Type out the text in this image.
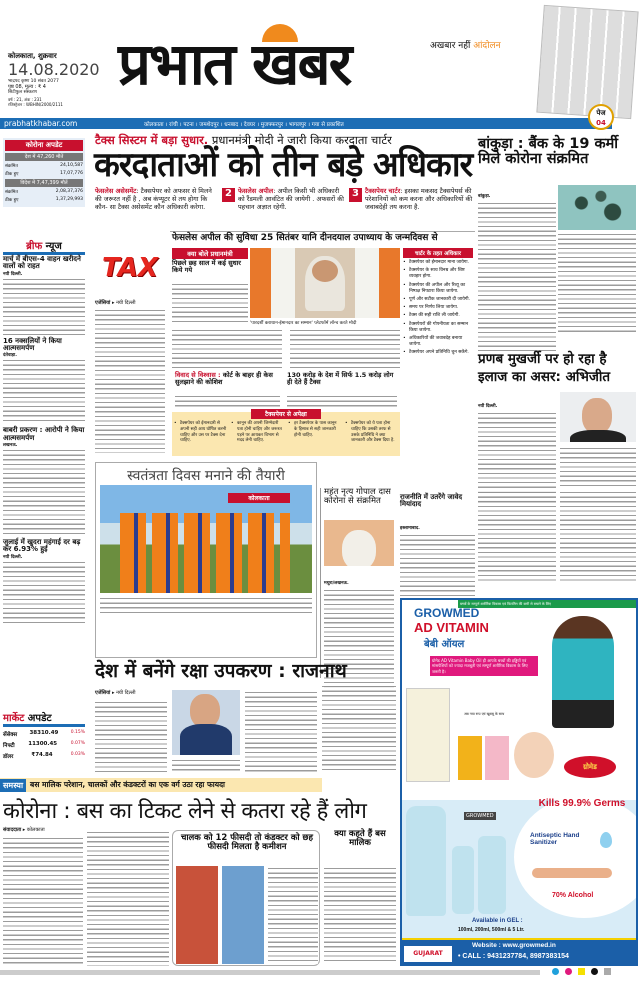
कोलकाता, शुक्रवार
14.08.2020
भाद्रपद कृष्ण 10 संवत 2077
पृष्ठ 08, मूल्य : ₹ 4
सिटीफुल संस्करण
वर्ष : 21, अंक : 231
रजिस्ट्रेशन : WBHIN/2000/2111
प्रभात खबर	अखबार नहीं आंदोलन
prabhatkhabar.com	कोलकाता । रांची । पटना । जमशेदपुर । धनबाद । देवघर । मुजफ्फरपुर । भागलपुर । गया से प्रकाशित
पेज
04
कोरोना अपडेट
देश में 47,260 मौतें
संक्रमित	24,10,587
ठीक हुए	17,07,776
विदेश में 7,47,399 मौतें
संक्रमित	2,08,37,376
ठीक हुए	1,37,29,993
ब्रीफ न्यूज
मार्च में बीएस-4 वाहन खरीदने वालों को राहत
नयी दिल्ली.
16 नक्सलियों ने किया आत्मसमर्पण
दंतेवाड़ा.
बाबरी प्रकरण : आरोपी ने किया आत्मसमर्पण
लखनऊ.
जुलाई में खुदरा महंगाई दर बढ़ कर 6.93% हुई
नयी दिल्ली.
मार्केट अपडेट
सेंसेक्स 38310.49	0.15%
निफ्टी 11300.45	0.07%
डॉलर	₹74.84	0.03%
टैक्स सिस्टम में बड़ा सुधार. प्रधानमंत्री मोदी ने जारी किया करदाता चार्टर
करदाताओं को तीन बड़े अधिकार
फेसलेस असेसमेंट: टैक्सपेयर को अफसर से मिलने की जरूरत नहीं है , अब कंप्यूटर से तय होगा कि कौन- सा टैक्स असेसमेंट कौन अधिकारी करेगा.
2 फेसलेस अपील: अपील किसी भी अधिकारी को रैंडमली आवंटित की जायेगी . अफसरों की पहचान अज्ञात रहेगी.
3 टैक्सपेयर चार्टर: इसका मकसद टैक्सपेयर्स की परेशानियों को कम करना और अधिकारियों की जवाबदेही तय करना है.
TAX
एजेंसियां ▸ नयी दिल्ली
फेसलेस अपील की सुविधा 25 सितंबर यानि दीनदयाल उपाध्याय के जन्मदिवस से
क्या बोले प्रधानमंत्री
पिछले छह साल में कई सुधार किये गये
'पारदर्शी कराधान-ईमानदार का सम्मान' प्लेटफॉर्म लॉन्च करते मोदी
चार्टर के तहत अधिकार
• टैक्सपेयर को ईमानदार माना जायेगा.
• टैक्सपेयर के साथ विनम्र और शिष्ट व्यवहार होगा.
• टैक्सपेयर की अपील और रिव्यू का निष्पक्ष निपटारा किया जायेगा.
• पूर्ण और सटीक जानकारी दी जायेगी.
• समय पर निर्णय लिया जायेगा.
• टैक्स की सही राशि ली जायेगी.
• टैक्सपेयरों की गोपनीयता का सम्मान किया जायेगा.
• अधिकारियों की जवाबदेह बनाया जायेगा.
• टैक्सपेयर अपने प्रतिनिधि चुन सकेंगे.
विवाद से विश्वास : कोर्ट के बाहर ही केस सुलझाने की कोशिश
130 करोड़ के देश में सिर्फ 1.5 करोड़ लोग ही देते हैं टैक्स
टैक्सपेयर से अपेक्षा
• टैक्सपेयर को ईमानदारी से अपनी सही आय घोषित करनी चाहिए और उस पर टैक्स देना चाहिए.
• कानून की अपनी जिम्मेदारी पता होनी चाहिए और जरूरत पड़ने पर आयकर विभाग से मदद लेनी चाहिए.
• हर टैक्सपेयर के पास कानून के हिसाब से सही जानकारी होनी चाहिए.
• टैक्सपेयर को ये पता होना चाहिए कि उसकी तरफ से उसके प्रतिनिधि ने क्या जानकारी और टैक्स दिया है.
बांकुड़ा : बैंक के 19 कर्मी मिले कोरोना संक्रमित
बांकुड़ा.
प्रणब मुखर्जी पर हो रहा है इलाज का असर: अभिजीत
नयी दिल्ली.
स्वतंत्रता दिवस मनाने की तैयारी
कोलकाता
महंत नृत्य गोपाल दास कोरोना से संक्रमित
मथुरा/लखनऊ.
राजनीति में उतरेंगे जावेद मियांदाद
इस्लामाबाद.
देश में बनेंगे रक्षा उपकरण : राजनाथ
एजेंसियां ▸ नयी दिल्ली
समस्या बस मालिक परेशान, चालकों और कंडक्टरों का एक वर्ग उठा रहा फायदा
कोरोना : बस का टिकट लेने से कतरा रहे हैं लोग
संवाददाता ▸ कोलकाता
चालक को 12 फीसदी तो कंडक्टर को छह फीसदी मिलता है कमीशन
क्या कहते हैं बस मालिक
बच्चों के सम्पूर्ण शारीरिक विकास एवं विटामिन की कमी से बचाने के लिए
GROWMED
AD VITAMIN
बेबी ऑयल
ग्रोमेड AD Vitamin Baby Oil ही आपके बच्चों की हड्डियों एवं मांसपेशियों को ज्यादा मजबूती एवं सम्पूर्ण शारीरिक विकास के लिए जरूरी है।
अब नया रूप एवं खुशबू के साथ
ग्रोमेड
GROWMED
Kills 99.9% Germs
Antiseptic Hand Sanitizer
70% Alcohol
Available in GEL :
100ml, 200ml, 500ml & 5 Ltr.
GUJARAT
Website : www.growmed.in
• CALL : 9431237784, 8987383154
